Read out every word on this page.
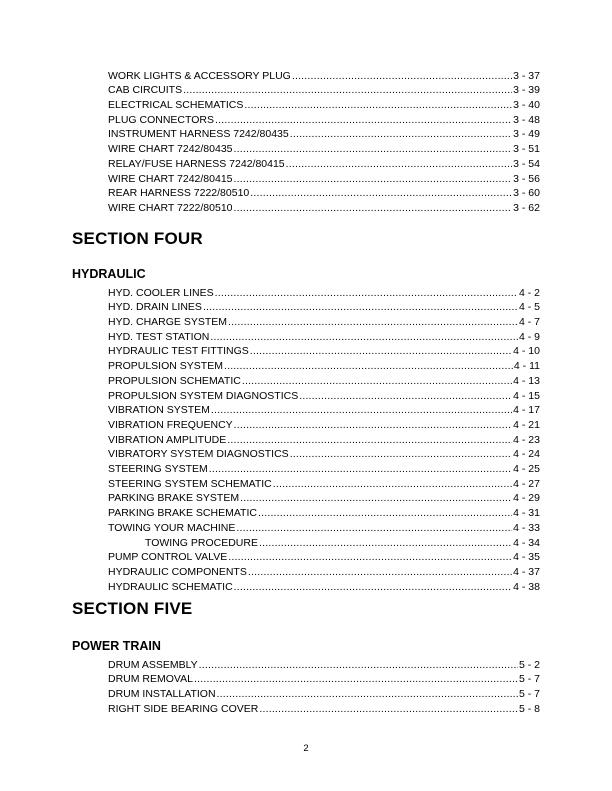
WORK LIGHTS & ACCESSORY PLUG .....	3 - 37
CAB CIRCUITS .....	3 - 39
ELECTRICAL SCHEMATICS .....	3 - 40
PLUG CONNECTORS .....	3 - 48
INSTRUMENT HARNESS 7242/80435 .....	3 - 49
WIRE CHART 7242/80435 .....	3 - 51
RELAY/FUSE HARNESS 7242/80415 .....	3 - 54
WIRE CHART 7242/80415 .....	3 - 56
REAR HARNESS 7222/80510 .....	3 - 60
WIRE CHART 7222/80510 .....	3 - 62
SECTION FOUR
HYDRAULIC
HYD. COOLER LINES .....	4 - 2
HYD. DRAIN LINES .....	4 - 5
HYD. CHARGE SYSTEM .....	4 - 7
HYD. TEST STATION .....	4 - 9
HYDRAULIC TEST FITTINGS .....	4 - 10
PROPULSION SYSTEM .....	4 - 11
PROPULSION SCHEMATIC .....	4 - 13
PROPULSION SYSTEM DIAGNOSTICS .....	4 - 15
VIBRATION SYSTEM .....	4 - 17
VIBRATION FREQUENCY .....	4 - 21
VIBRATION AMPLITUDE .....	4 - 23
VIBRATORY SYSTEM DIAGNOSTICS .....	4 - 24
STEERING SYSTEM .....	4 - 25
STEERING SYSTEM SCHEMATIC .....	4 - 27
PARKING BRAKE SYSTEM .....	4 - 29
PARKING BRAKE SCHEMATIC .....	4 - 31
TOWING YOUR MACHINE .....	4 - 33
TOWING PROCEDURE .....	4 - 34
PUMP CONTROL VALVE .....	4 - 35
HYDRAULIC COMPONENTS .....	4 - 37
HYDRAULIC SCHEMATIC .....	4 - 38
SECTION FIVE
POWER TRAIN
DRUM ASSEMBLY .....	5 - 2
DRUM REMOVAL .....	5 - 7
DRUM INSTALLATION .....	5 - 7
RIGHT SIDE BEARING COVER .....	5 - 8
2
